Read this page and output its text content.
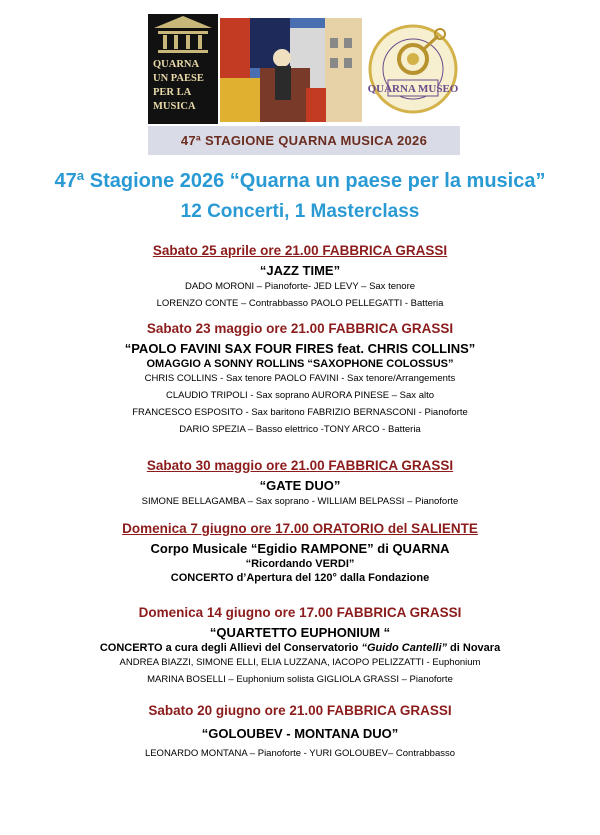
QUARNA
UN PAESE
PER LA
MUSICA
QUARNA MUSEO
47ª STAGIONE QUARNA MUSICA 2026
47ª Stagione 2026 “Quarna un paese per la musica”
12 Concerti, 1 Masterclass
Sabato 25 aprile ore 21.00 FABBRICA GRASSI
“JAZZ TIME”
DADO MORONI – Pianoforte- JED LEVY – Sax tenore
LORENZO CONTE – Contrabbasso PAOLO PELLEGATTI - Batteria
Sabato 23 maggio ore 21.00 FABBRICA GRASSI
“PAOLO FAVINI SAX FOUR FIRES feat. CHRIS COLLINS”
OMAGGIO A SONNY ROLLINS “SAXOPHONE COLOSSUS”
CHRIS COLLINS - Sax tenore PAOLO FAVINI - Sax tenore/Arrangements
CLAUDIO TRIPOLI - Sax soprano AURORA PINESE – Sax alto
FRANCESCO ESPOSITO - Sax baritono FABRIZIO BERNASCONI - Pianoforte
DARIO SPEZIA – Basso elettrico -TONY ARCO - Batteria
Sabato 30 maggio ore 21.00 FABBRICA GRASSI
“GATE DUO”
SIMONE BELLAGAMBA – Sax soprano - WILLIAM BELPASSI – Pianoforte
Domenica 7 giugno ore 17.00 ORATORIO del SALIENTE
Corpo Musicale “Egidio RAMPONE” di QUARNA
“Ricordando VERDI”
CONCERTO d’Apertura del 120° dalla Fondazione
Domenica 14 giugno ore 17.00 FABBRICA GRASSI
“QUARTETTO EUPHONIUM “
CONCERTO a cura degli Allievi del Conservatorio “Guido Cantelli” di Novara
ANDREA BIAZZI, SIMONE ELLI, ELIA LUZZANA, IACOPO PELIZZATTI - Euphonium
MARINA BOSELLI – Euphonium solista GIGLIOLA GRASSI – Pianoforte
Sabato 20 giugno ore 21.00 FABBRICA GRASSI
“GOLOUBEV - MONTANA DUO”
LEONARDO MONTANA – Pianoforte - YURI GOLOUBEV– Contrabbasso
